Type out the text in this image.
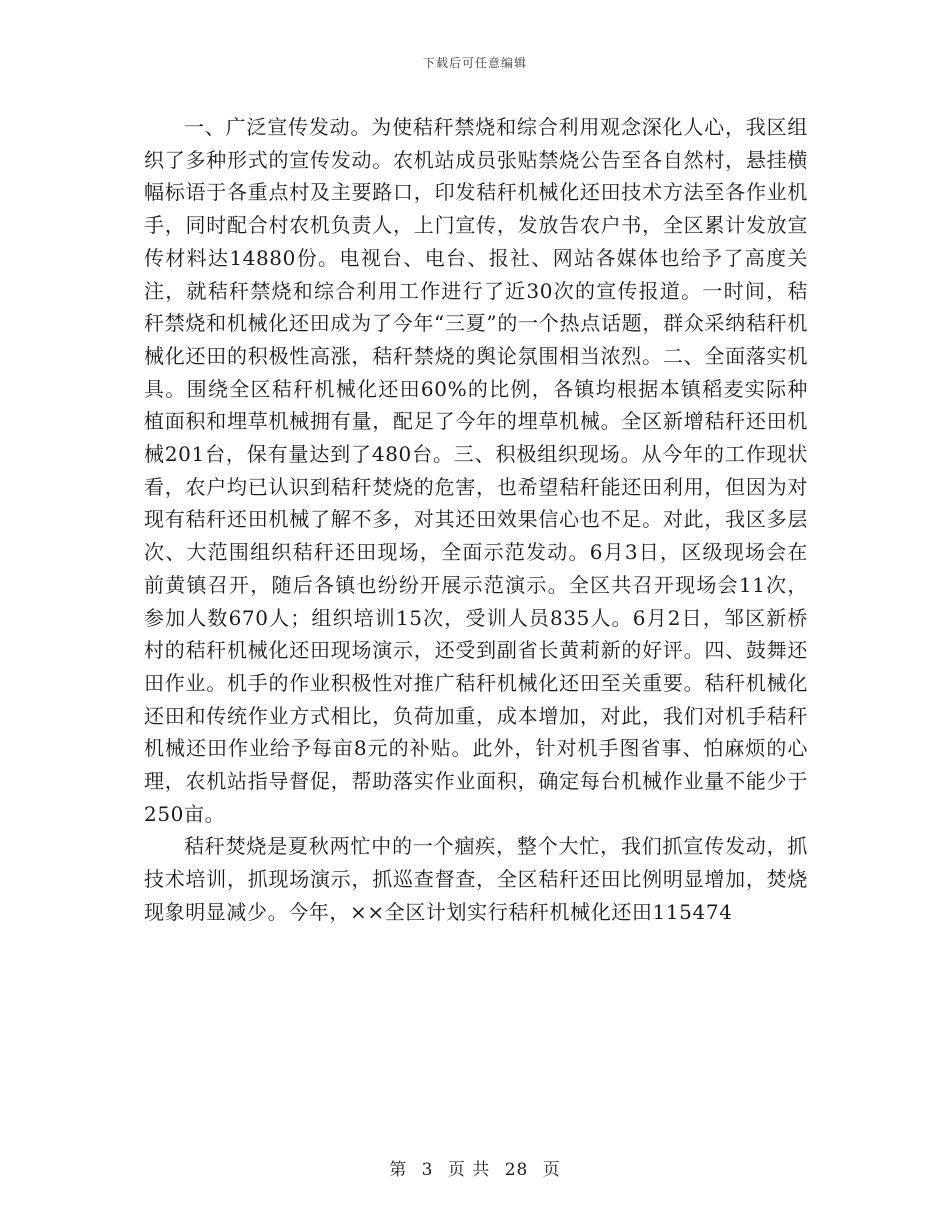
下载后可任意编辑

一、广泛宣传发动。为使秸秆禁烧和综合利用观念深化人心，我区组织了多种形式的宣传发动。农机站成员张贴禁烧公告至各自然村，悬挂横幅标语于各重点村及主要路口，印发秸秆机械化还田技术方法至各作业机手，同时配合村农机负责人，上门宣传，发放告农户书，全区累计发放宣传材料达14880份。电视台、电台、报社、网站各媒体也给予了高度关注，就秸秆禁烧和综合利用工作进行了近30次的宣传报道。一时间，秸秆禁烧和机械化还田成为了今年“三夏”的一个热点话题，群众采纳秸秆机械化还田的积极性高涨，秸秆禁烧的舆论氛围相当浓烈。二、全面落实机具。围绕全区秸秆机械化还田60%的比例，各镇均根据本镇稻麦实际种植面积和埋草机械拥有量，配足了今年的埋草机械。全区新增秸秆还田机械201台，保有量达到了480台。三、积极组织现场。从今年的工作现状看，农户均已认识到秸秆焚烧的危害，也希望秸秆能还田利用，但因为对现有秸秆还田机械了解不多，对其还田效果信心也不足。对此，我区多层次、大范围组织秸秆还田现场，全面示范发动。6月3日，区级现场会在前黄镇召开，随后各镇也纷纷开展示范演示。全区共召开现场会11次，参加人数670人；组织培训15次，受训人员835人。6月2日，邹区新桥村的秸秆机械化还田现场演示，还受到副省长黄莉新的好评。四、鼓舞还田作业。机手的作业积极性对推广秸秆机械化还田至关重要。秸秆机械化还田和传统作业方式相比，负荷加重，成本增加，对此，我们对机手秸秆机械还田作业给予每亩8元的补贴。此外，针对机手图省事、怕麻烦的心理，农机站指导督促，帮助落实作业面积，确定每台机械作业量不能少于250亩。

秸秆焚烧是夏秋两忙中的一个痼疾，整个大忙，我们抓宣传发动，抓技术培训，抓现场演示，抓巡查督查，全区秸秆还田比例明显增加，焚烧现象明显减少。今年，××全区计划实行秸秆机械化还田115474

第 3 页 共 28 页
